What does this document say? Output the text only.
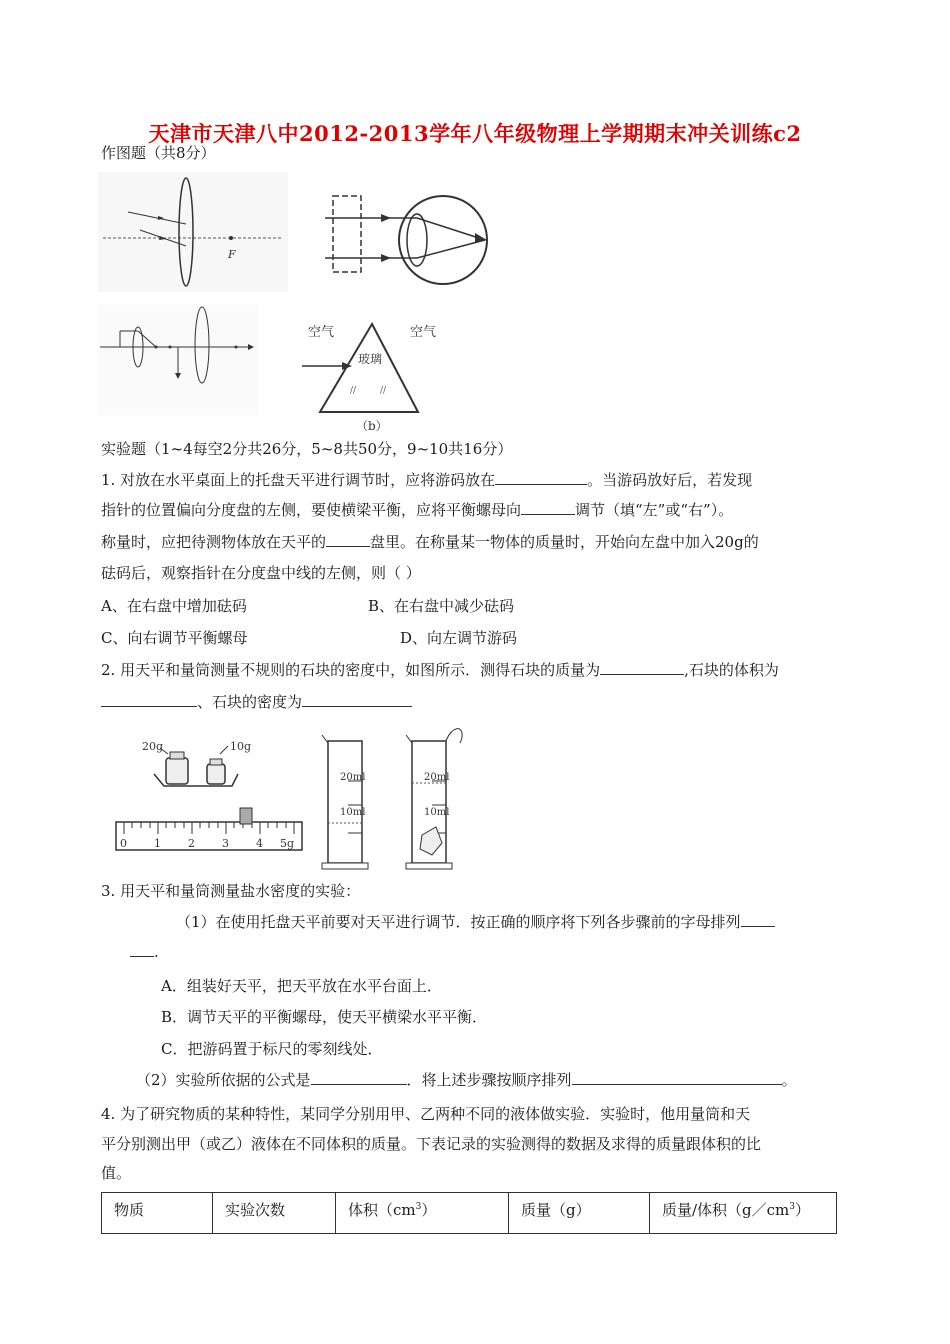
天津市天津八中2012-2013学年八年级物理上学期期末冲关训练c2
作图题（共8分）
F
空气	空气
玻璃
//	//
（b）
实验题（1~4每空2分共26分，5~8共50分，9~10共16分）
1. 对放在水平桌面上的托盘天平进行调节时，应将游码放在	。当游码放好后，若发现
指针的位置偏向分度盘的左侧，要使横梁平衡，应将平衡螺母向	调节（填“左”或“右”）。
称量时，应把待测物体放在天平的	盘里。在称量某一物体的质量时，开始向左盘中加入20g的
砝码后，观察指针在分度盘中线的左侧，则（ ）
A、在右盘中增加砝码	B、在右盘中减少砝码
C、向右调节平衡螺母	D、向左调节游码
2. 用天平和量筒测量不规则的石块的密度中，如图所示．测得石块的质量为	,石块的体积为
、石块的密度为
20g	10g
0 1 2 3 4 5g
20ml
10ml
20ml
10ml
3. 用天平和量筒测量盐水密度的实验：
（1）在使用托盘天平前要对天平进行调节．按正确的顺序将下列各步骤前的字母排列
.
A．组装好天平，把天平放在水平台面上．
B．调节天平的平衡螺母，使天平横梁水平平衡．
C．把游码置于标尺的零刻线处．
（2）实验所依据的公式是	．将上述步骤按顺序排列	。
4. 为了研究物质的某种特性，某同学分别用甲、乙两种不同的液体做实验．实验时，他用量筒和天
平分别测出甲（或乙）液体在不同体积的质量。下表记录的实验测得的数据及求得的质量跟体积的比
值。
物质	实验次数	体积$(cm^3)$	质量（g）	质量/体积$(g/cm^3)$
